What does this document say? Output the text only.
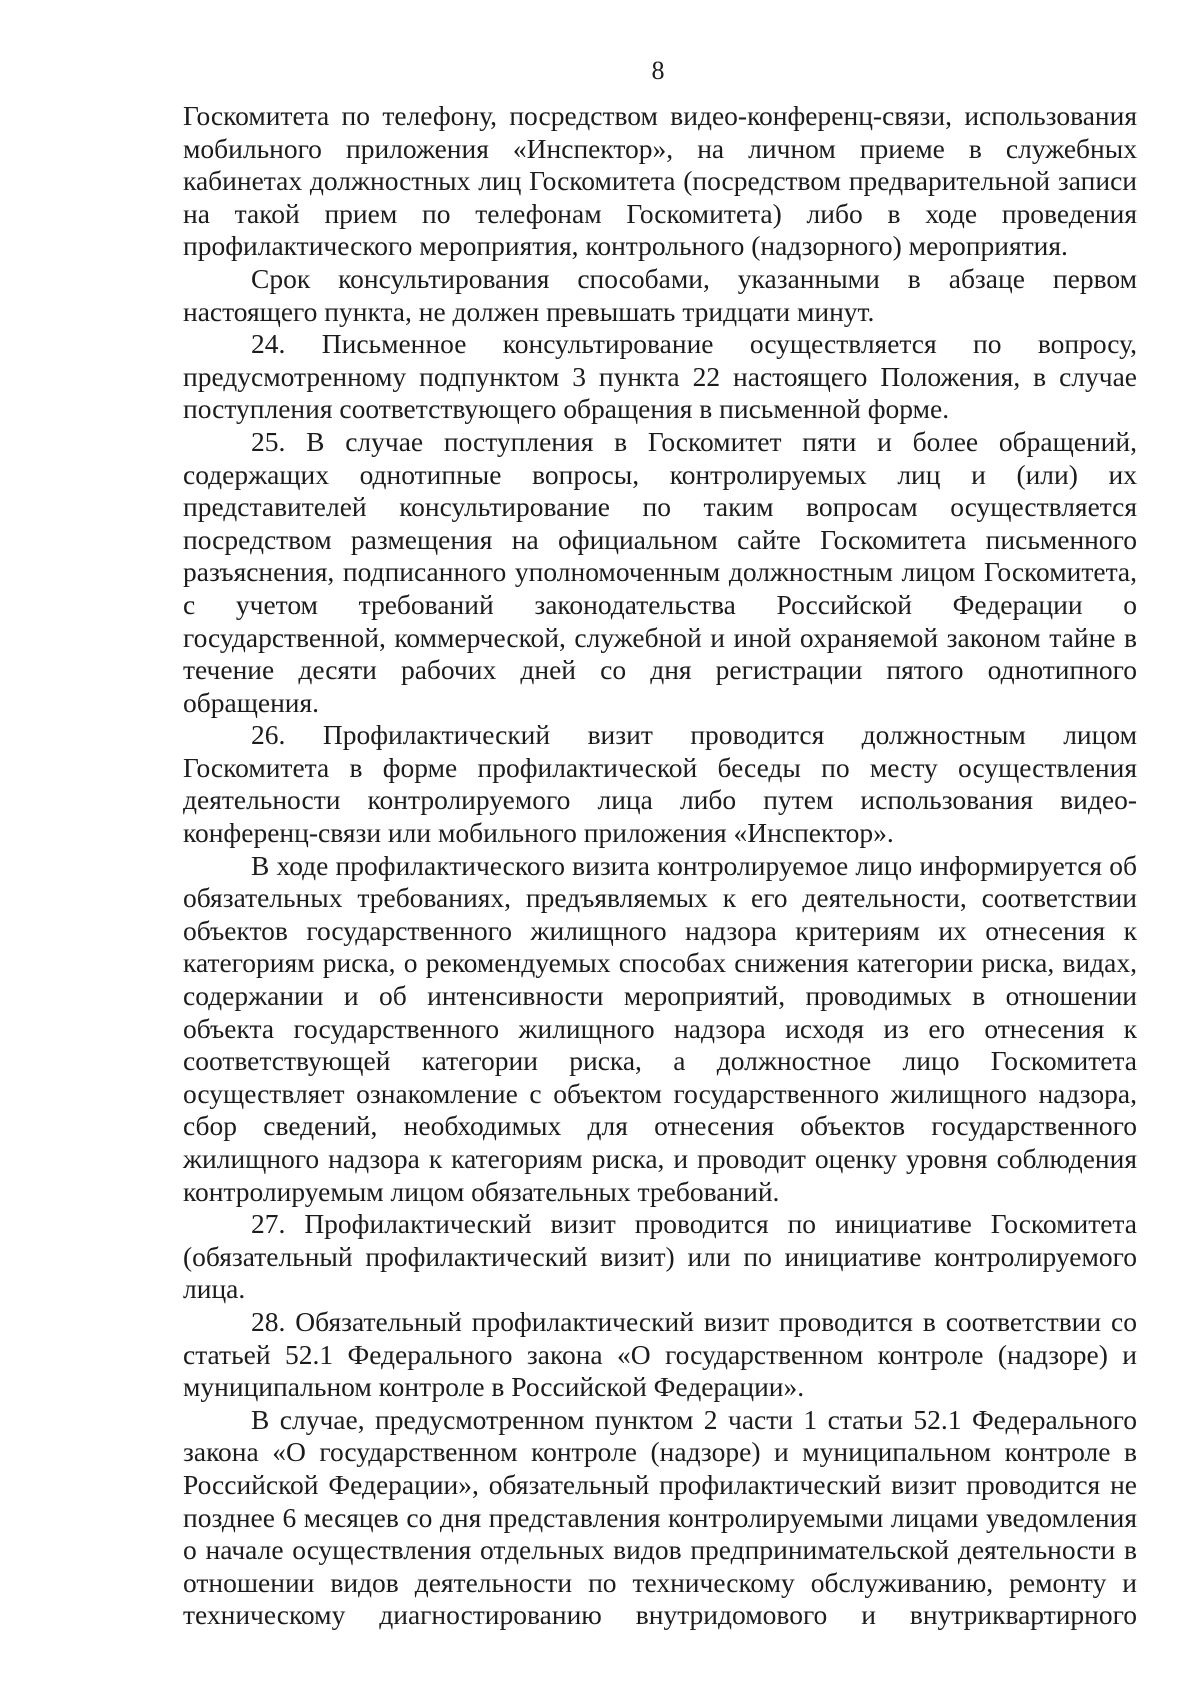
8

Госкомитета по телефону, посредством видео-конференц-связи, использования мобильного приложения «Инспектор», на личном приеме в служебных кабинетах должностных лиц Госкомитета (посредством предварительной записи на такой прием по телефонам Госкомитета) либо в ходе проведения профилактического мероприятия, контрольного (надзорного) мероприятия.

Срок консультирования способами, указанными в абзаце первом настоящего пункта, не должен превышать тридцати минут.

24. Письменное консультирование осуществляется по вопросу, предусмотренному подпунктом 3 пункта 22 настоящего Положения, в случае поступления соответствующего обращения в письменной форме.

25. В случае поступления в Госкомитет пяти и более обращений, содержащих однотипные вопросы, контролируемых лиц и (или) их представителей консультирование по таким вопросам осуществляется посредством размещения на официальном сайте Госкомитета письменного разъяснения, подписанного уполномоченным должностным лицом Госкомитета, с учетом требований законодательства Российской Федерации о государственной, коммерческой, служебной и иной охраняемой законом тайне в течение десяти рабочих дней со дня регистрации пятого однотипного обращения.

26. Профилактический визит проводится должностным лицом Госкомитета в форме профилактической беседы по месту осуществления деятельности контролируемого лица либо путем использования видео-конференц-связи или мобильного приложения «Инспектор».

В ходе профилактического визита контролируемое лицо информируется об обязательных требованиях, предъявляемых к его деятельности, соответствии объектов государственного жилищного надзора критериям их отнесения к категориям риска, о рекомендуемых способах снижения категории риска, видах, содержании и об интенсивности мероприятий, проводимых в отношении объекта государственного жилищного надзора исходя из его отнесения к соответствующей категории риска, а должностное лицо Госкомитета осуществляет ознакомление с объектом государственного жилищного надзора, сбор сведений, необходимых для отнесения объектов государственного жилищного надзора к категориям риска, и проводит оценку уровня соблюдения контролируемым лицом обязательных требований.

27. Профилактический визит проводится по инициативе Госкомитета (обязательный профилактический визит) или по инициативе контролируемого лица.

28. Обязательный профилактический визит проводится в соответствии со статьей 52.1 Федерального закона «О государственном контроле (надзоре) и муниципальном контроле в Российской Федерации».

В случае, предусмотренном пунктом 2 части 1 статьи 52.1 Федерального закона «О государственном контроле (надзоре) и муниципальном контроле в Российской Федерации», обязательный профилактический визит проводится не позднее 6 месяцев со дня представления контролируемыми лицами уведомления о начале осуществления отдельных видов предпринимательской деятельности в отношении видов деятельности по техническому обслуживанию, ремонту и техническому диагностированию внутридомового и внутриквартирного
